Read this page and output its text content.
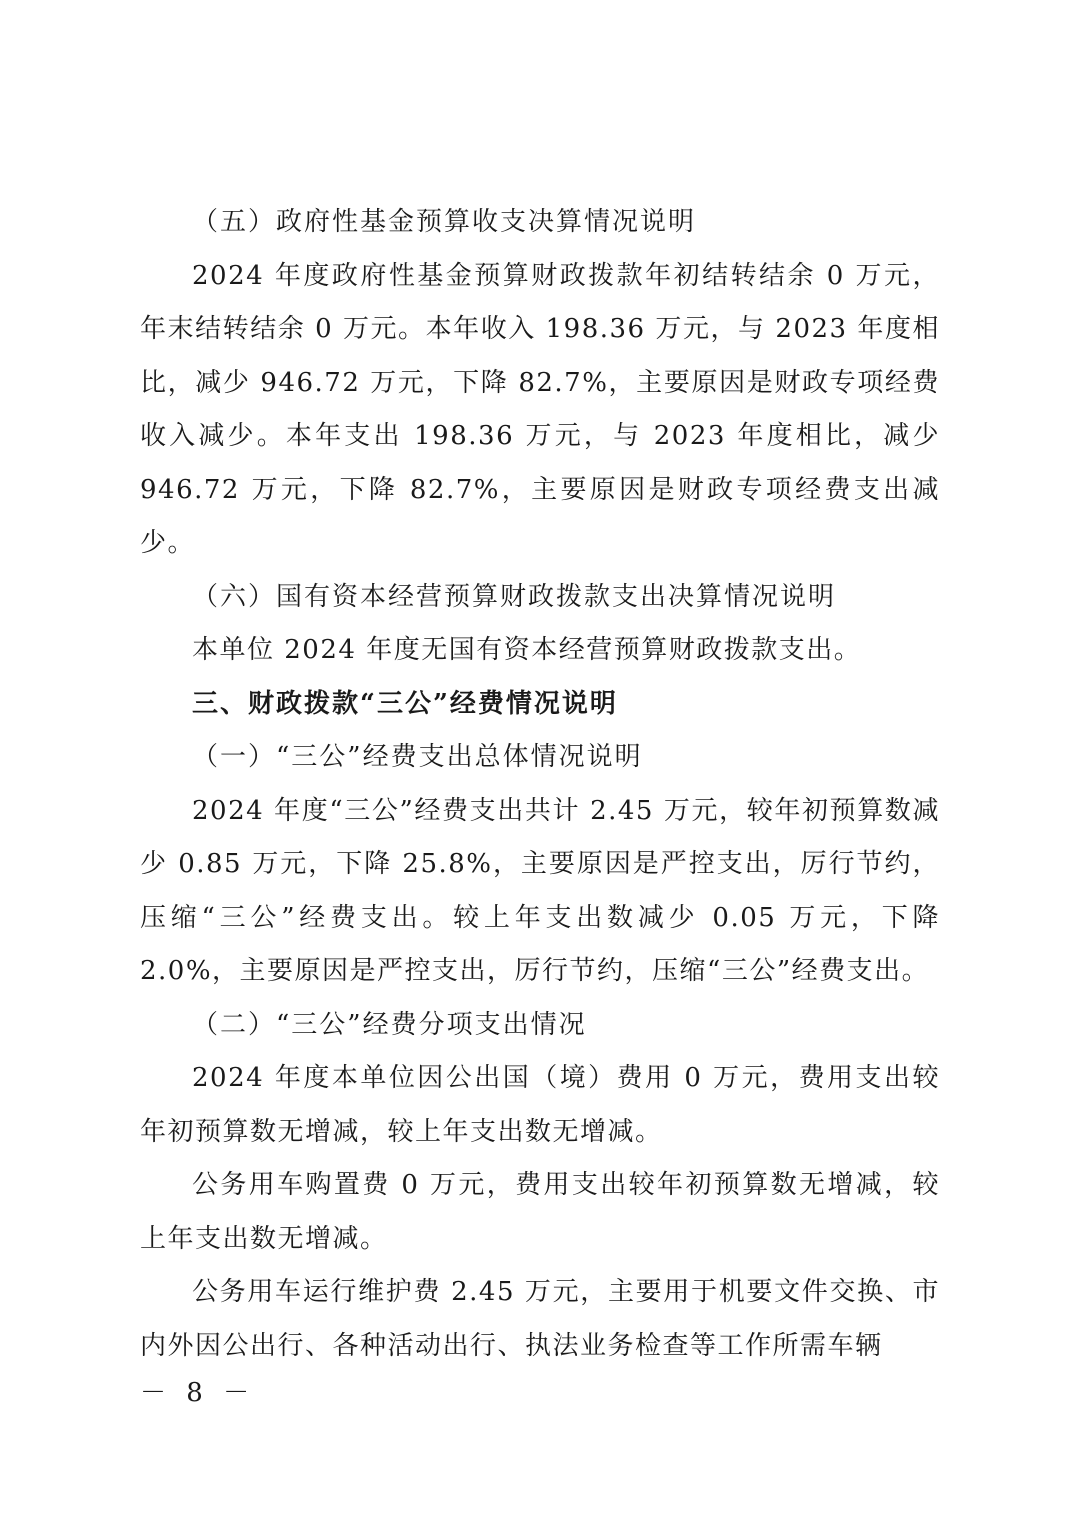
（五）政府性基金预算收支决算情况说明

2024 年度政府性基金预算财政拨款年初结转结余 0 万元，年末结转结余 0 万元。本年收入 198.36 万元，与 2023 年度相比，减少 946.72 万元，下降 82.7%，主要原因是财政专项经费收入减少。本年支出 198.36 万元，与 2023 年度相比，减少 946.72 万元，下降 82.7%，主要原因是财政专项经费支出减少。

（六）国有资本经营预算财政拨款支出决算情况说明

本单位 2024 年度无国有资本经营预算财政拨款支出。

三、财政拨款“三公”经费情况说明

（一）“三公”经费支出总体情况说明

2024 年度“三公”经费支出共计 2.45 万元，较年初预算数减少 0.85 万元，下降 25.8%，主要原因是严控支出，厉行节约，压缩“三公”经费支出。较上年支出数减少 0.05 万元，下降 2.0%，主要原因是严控支出，厉行节约，压缩“三公”经费支出。

（二）“三公”经费分项支出情况

2024 年度本单位因公出国（境）费用 0 万元，费用支出较年初预算数无增减，较上年支出数无增减。

公务用车购置费 0 万元，费用支出较年初预算数无增减，较上年支出数无增减。

公务用车运行维护费 2.45 万元，主要用于机要文件交换、市内外因公出行、各种活动出行、执法业务检查等工作所需车辆

－ 8 －
